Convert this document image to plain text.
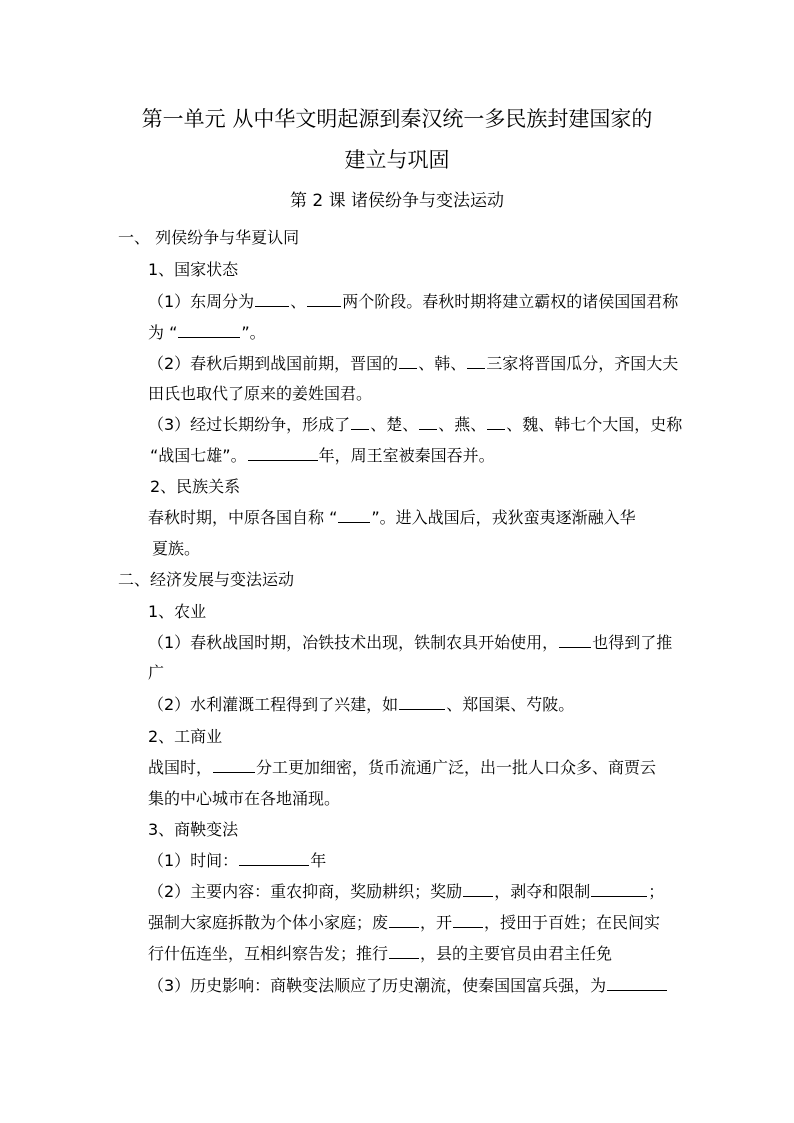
第一单元 从中华文明起源到秦汉统一多民族封建国家的
建立与巩固
第 2 课 诸侯纷争与变法运动
一、 列侯纷争与华夏认同
1、国家状态
（1）东周分为 、 两个阶段。春秋时期将建立霸权的诸侯国国君称
为 “	”。
（2）春秋后期到战国前期，晋国的 、韩、 三家将晋国瓜分，齐国大夫
田氏也取代了原来的姜姓国君。
（3）经过长期纷争，形成了 、楚、 、燕、 、魏、韩七个大国，史称
“战国七雄”。	年，周王室被秦国吞并。
2、民族关系
春秋时期，中原各国自称 “ ”。进入战国后，戎狄蛮夷逐渐融入华
夏族。
二、经济发展与变法运动
1、农业
（1）春秋战国时期，冶铁技术出现，铁制农具开始使用， 也得到了推
广
（2）水利灌溉工程得到了兴建，如	、郑国渠、芍陂。
2、工商业
战国时，	分工更加细密，货币流通广泛，出一批人口众多、商贾云
集的中心城市在各地涌现。
3、商鞅变法
（1）时间：	年
（2）主要内容：重农抑商，奖励耕织；奖励 ，剥夺和限制	；
强制大家庭拆散为个体小家庭；废 ，开 ，授田于百姓；在民间实
行什伍连坐，互相纠察告发；推行 ，县的主要官员由君主任免
（3）历史影响：商鞅变法顺应了历史潮流，使秦国国富兵强，为
